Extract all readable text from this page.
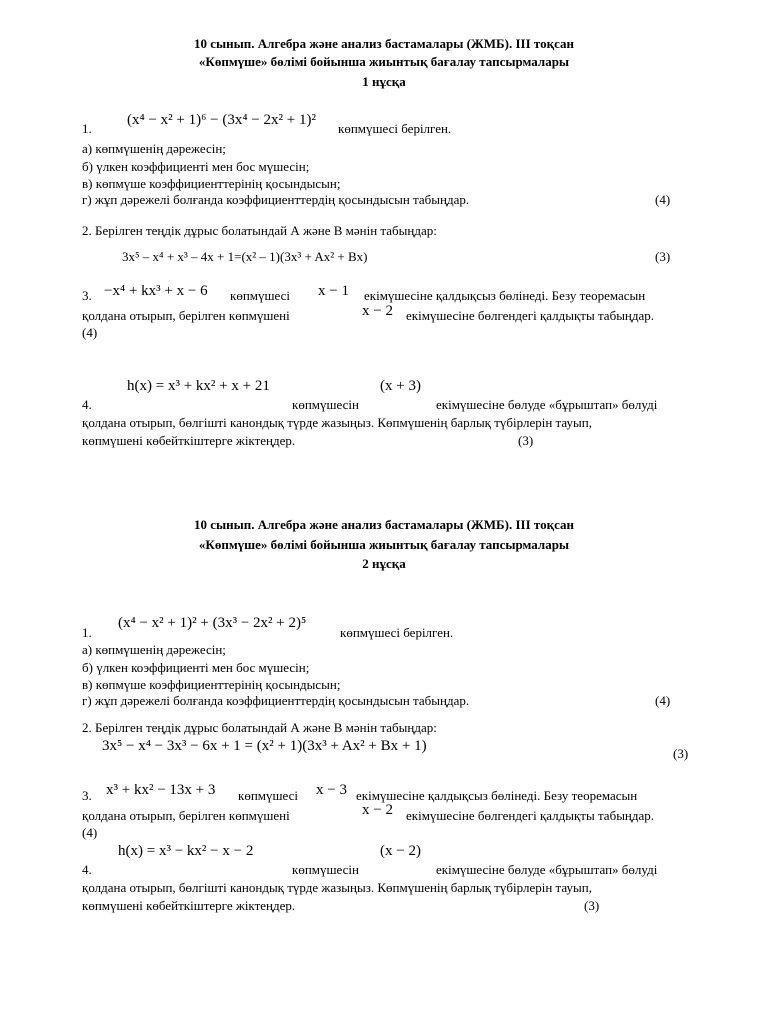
10 сынып. Алгебра және анализ бастамалары (ЖМБ). III тоқсан
«Көпмүше» бөлімі бойынша жиынтық бағалау тапсырмалары
1 нұсқа
1.
(x⁴ − x² + 1)⁶ − (3x⁴ − 2x² + 1)²
көпмүшесі берілген.
а) көпмүшенің дәрежесін;
б) үлкен коэффициенті мен бос мүшесін;
в) көпмүше коэффициенттерінің қосындысын;
г) жұп дәрежелі болғанда коэффициенттердің қосындысын табыңдар.	(4)
2. Берілген теңдік дұрыс болатындай А және В мәнін табыңдар:
3x⁵ – x⁴ + x³ – 4x + 1=(x² – 1)(3x³ + Ax² + Bx)	(3)
3. −x⁴ + kx³ + x − 6 көпмүшесі x − 1 екімүшесіне қалдықсыз бөлінеді. Безу теоремасын
қолдана отырып, берілген көпмүшені	x − 2 екімүшесіне бөлгендегі қалдықты табыңдар.
(4)
h(x) = x³ + kx² + x + 21	(x + 3)
4.	көпмүшесін	екімүшесіне бөлуде «бұрыштап» бөлуді
қолдана отырып, бөлгішті канондық түрде жазыңыз. Көпмүшенің барлық түбірлерін тауып,
көпмүшені көбейткіштерге жіктеңдер.	(3)
10 сынып. Алгебра және анализ бастамалары (ЖМБ). III тоқсан
«Көпмүше» бөлімі бойынша жиынтық бағалау тапсырмалары
2 нұсқа
1.
(x⁴ − x² + 1)² + (3x³ − 2x² + 2)⁵
көпмүшесі берілген.
а) көпмүшенің дәрежесін;
б) үлкен коэффициенті мен бос мүшесін;
в) көпмүше коэффициенттерінің қосындысын;
г) жұп дәрежелі болғанда коэффициенттердің қосындысын табыңдар.	(4)
2. Берілген теңдік дұрыс болатындай А және В мәнін табыңдар:
3x⁵ − x⁴ − 3x³ − 6x + 1 = (x² + 1)(3x³ + Ax² + Bx + 1)	(3)
3. x³ + kx² − 13x + 3 көпмүшесі x − 3 екімүшесіне қалдықсыз бөлінеді. Безу теоремасын
қолдана отырып, берілген көпмүшені	x − 2 екімүшесіне бөлгендегі қалдықты табыңдар.
(4)
h(x) = x³ − kx² − x − 2	(x − 2)
4.	көпмүшесін	екімүшесіне бөлуде «бұрыштап» бөлуді
қолдана отырып, бөлгішті канондық түрде жазыңыз. Көпмүшенің барлық түбірлерін тауып,
көпмүшені көбейткіштерге жіктеңдер.	(3)
